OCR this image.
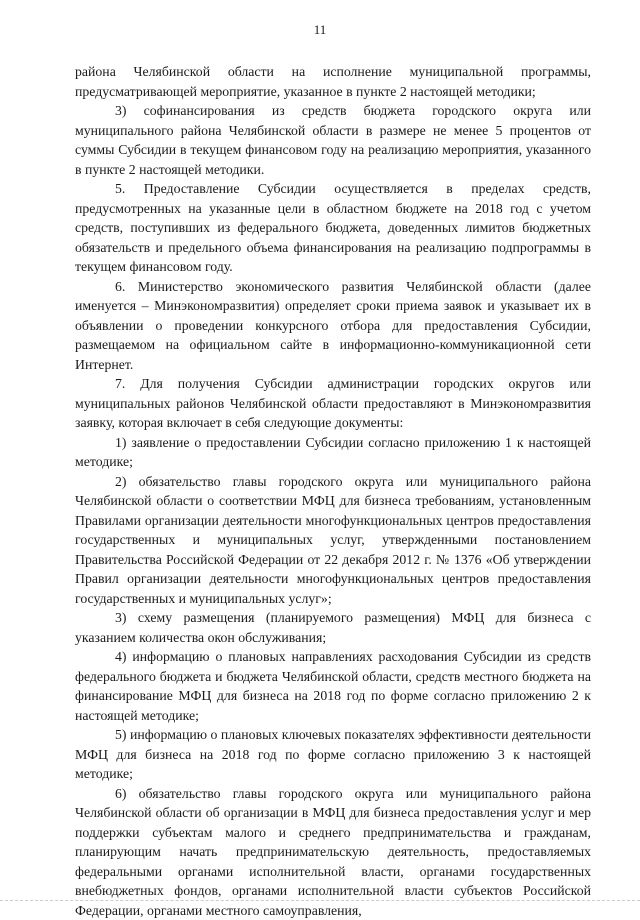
11

района Челябинской области на исполнение муниципальной программы, предусматривающей мероприятие, указанное в пункте 2 настоящей методики;

3) софинансирования из средств бюджета городского округа или муниципального района Челябинской области в размере не менее 5 процентов от суммы Субсидии в текущем финансовом году на реализацию мероприятия, указанного в пункте 2 настоящей методики.

5. Предоставление Субсидии осуществляется в пределах средств, предусмотренных на указанные цели в областном бюджете на 2018 год с учетом средств, поступивших из федерального бюджета, доведенных лимитов бюджетных обязательств и предельного объема финансирования на реализацию подпрограммы в текущем финансовом году.

6. Министерство экономического развития Челябинской области (далее именуется – Минэкономразвития) определяет сроки приема заявок и указывает их в объявлении о проведении конкурсного отбора для предоставления Субсидии, размещаемом на официальном сайте в информационно-коммуникационной сети Интернет.

7. Для получения Субсидии администрации городских округов или муниципальных районов Челябинской области предоставляют в Минэкономразвития заявку, которая включает в себя следующие документы:

1) заявление о предоставлении Субсидии согласно приложению 1 к настоящей методике;

2) обязательство главы городского округа или муниципального района Челябинской области о соответствии МФЦ для бизнеса требованиям, установленным Правилами организации деятельности многофункциональных центров предоставления государственных и муниципальных услуг, утвержденными постановлением Правительства Российской Федерации от 22 декабря 2012 г. № 1376 «Об утверждении Правил организации деятельности многофункциональных центров предоставления государственных и муниципальных услуг»;

3) схему размещения (планируемого размещения) МФЦ для бизнеса с указанием количества окон обслуживания;

4) информацию о плановых направлениях расходования Субсидии из средств федерального бюджета и бюджета Челябинской области, средств местного бюджета на финансирование МФЦ для бизнеса на 2018 год по форме согласно приложению 2 к настоящей методике;

5) информацию о плановых ключевых показателях эффективности деятельности МФЦ для бизнеса на 2018 год по форме согласно приложению 3 к настоящей методике;

6) обязательство главы городского округа или муниципального района Челябинской области об организации в МФЦ для бизнеса предоставления услуг и мер поддержки субъектам малого и среднего предпринимательства и гражданам, планирующим начать предпринимательскую деятельность, предоставляемых федеральными органами исполнительной власти, органами государственных внебюджетных фондов, органами исполнительной власти субъектов Российской Федерации, органами местного самоуправления,
